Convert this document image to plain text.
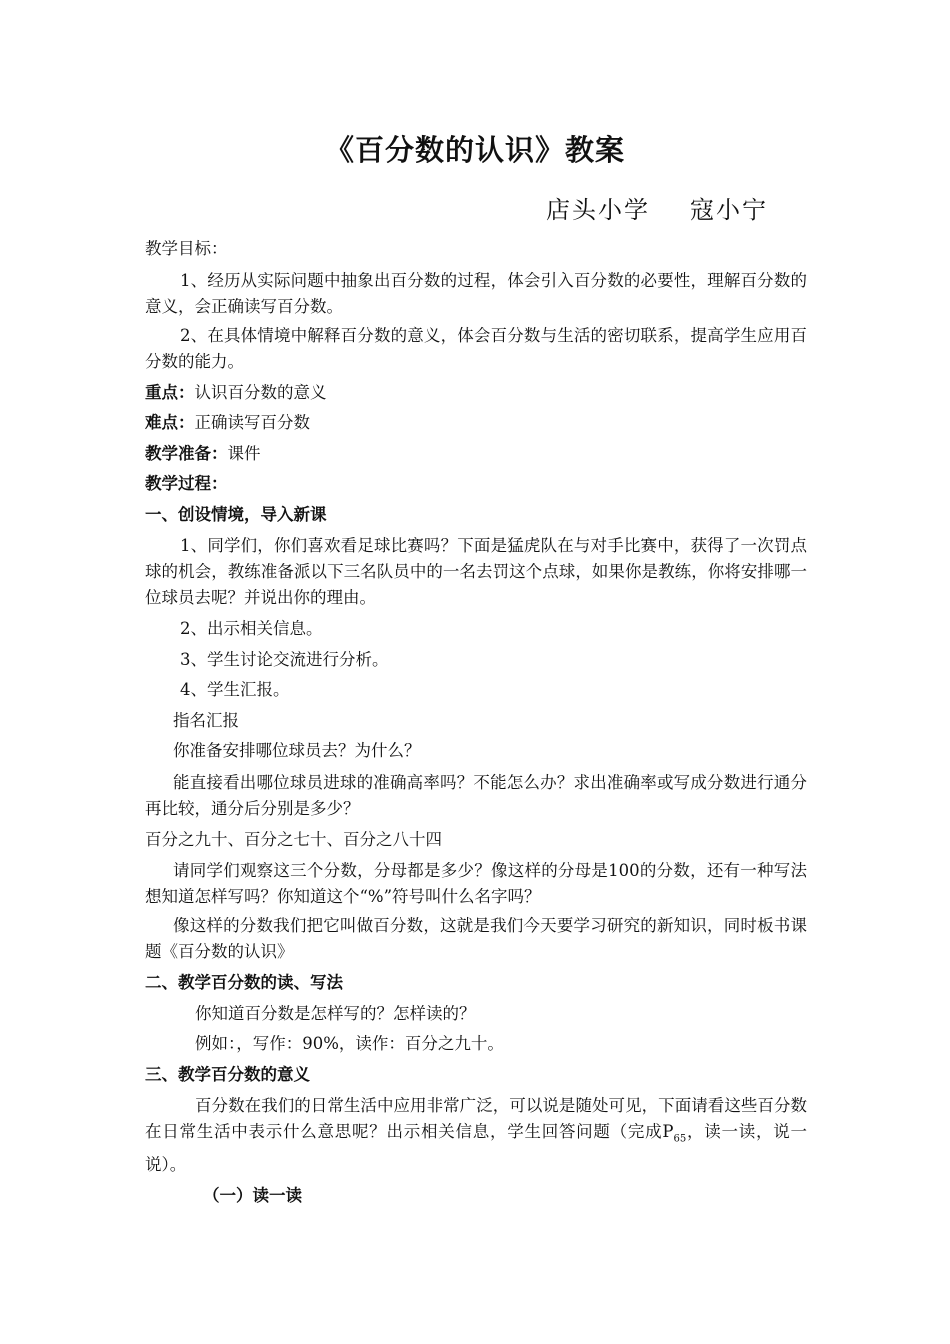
《百分数的认识》教案
店头小学 寇小宁

教学目标：

1、经历从实际问题中抽象出百分数的过程，体会引入百分数的必要性，理解百分数的意义，会正确读写百分数。

2、在具体情境中解释百分数的意义，体会百分数与生活的密切联系，提高学生应用百分数的能力。

重点：认识百分数的意义

难点：正确读写百分数

教学准备：课件

教学过程：

一、创设情境，导入新课

1、同学们，你们喜欢看足球比赛吗？下面是猛虎队在与对手比赛中，获得了一次罚点球的机会，教练准备派以下三名队员中的一名去罚这个点球，如果你是教练，你将安排哪一位球员去呢？并说出你的理由。

2、出示相关信息。

3、学生讨论交流进行分析。

4、学生汇报。

指名汇报

你准备安排哪位球员去？为什么？

能直接看出哪位球员进球的准确高率吗？不能怎么办？求出准确率或写成分数进行通分再比较，通分后分别是多少？

百分之九十、百分之七十、百分之八十四

请同学们观察这三个分数，分母都是多少？像这样的分母是100的分数，还有一种写法想知道怎样写吗？你知道这个“%”符号叫什么名字吗？

像这样的分数我们把它叫做百分数，这就是我们今天要学习研究的新知识，同时板书课题《百分数的认识》

二、教学百分数的读、写法

你知道百分数是怎样写的？怎样读的？

例如：，写作：90%，读作：百分之九十。

三、教学百分数的意义

百分数在我们的日常生活中应用非常广泛，可以说是随处可见，下面请看这些百分数在日常生活中表示什么意思呢？出示相关信息，学生回答问题（完成$P_{65}$，读一读，说一说）。

（一）读一读
